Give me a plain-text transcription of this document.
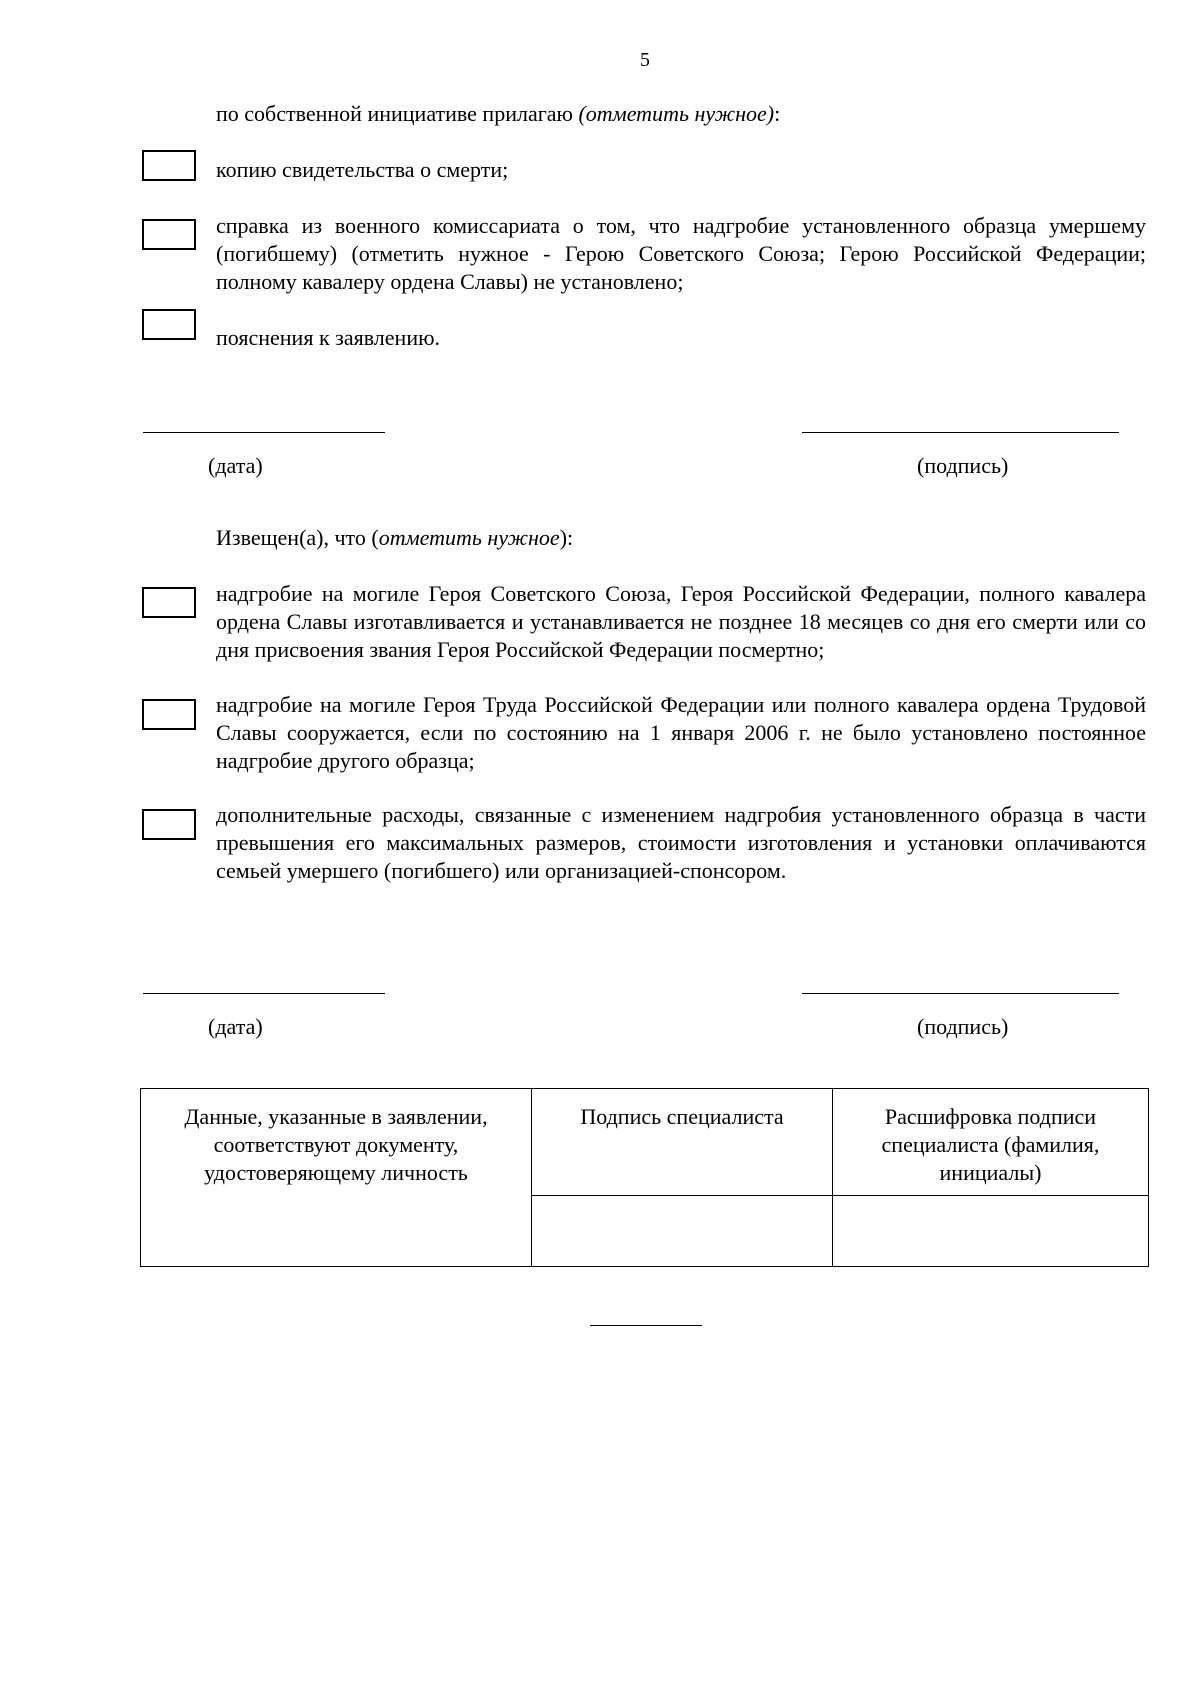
5
по собственной инициативе прилагаю (отметить нужное):
копию свидетельства о смерти;
справка из военного комиссариата о том, что надгробие установленного образца умершему (погибшему) (отметить нужное - Герою Советского Союза; Герою Российской Федерации; полному кавалеру ордена Славы) не установлено;
пояснения к заявлению.
(дата)	(подпись)
Извещен(а), что (отметить нужное):
надгробие на могиле Героя Советского Союза, Героя Российской Федерации, полного кавалера ордена Славы изготавливается и устанавливается не позднее 18 месяцев со дня его смерти или со дня присвоения звания Героя Российской Федерации посмертно;
надгробие на могиле Героя Труда Российской Федерации или полного кавалера ордена Трудовой Славы сооружается, если по состоянию на 1 января 2006 г. не было установлено постоянное надгробие другого образца;
дополнительные расходы, связанные с изменением надгробия установленного образца в части превышения его максимальных размеров, стоимости изготовления и установки оплачиваются семьей умершего (погибшего) или организацией-спонсором.
(дата)	(подпись)
Данные, указанные в заявлении, соответствуют документу, удостоверяющему личность	Подпись специалиста	Расшифровка подписи специалиста (фамилия, инициалы)
